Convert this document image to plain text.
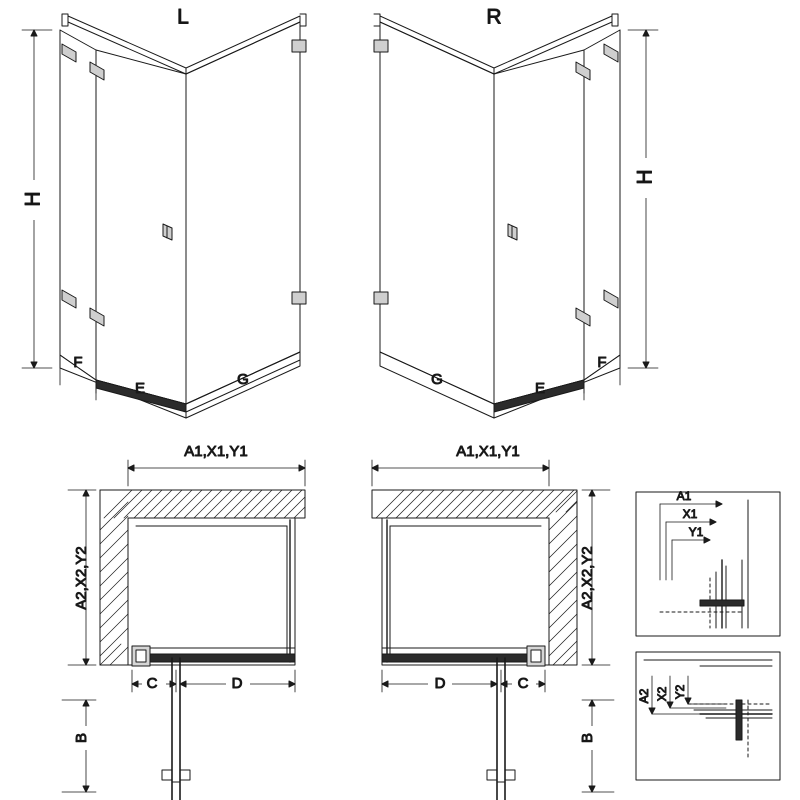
H
F
E
G
L
H
G
E
F
R
A1,X1,Y1
A2,X2,Y2
C	D
B
A1,X1,Y1
A2,X2,Y2
D	C
B
A1
X1
Y1
A2 X2 Y2
